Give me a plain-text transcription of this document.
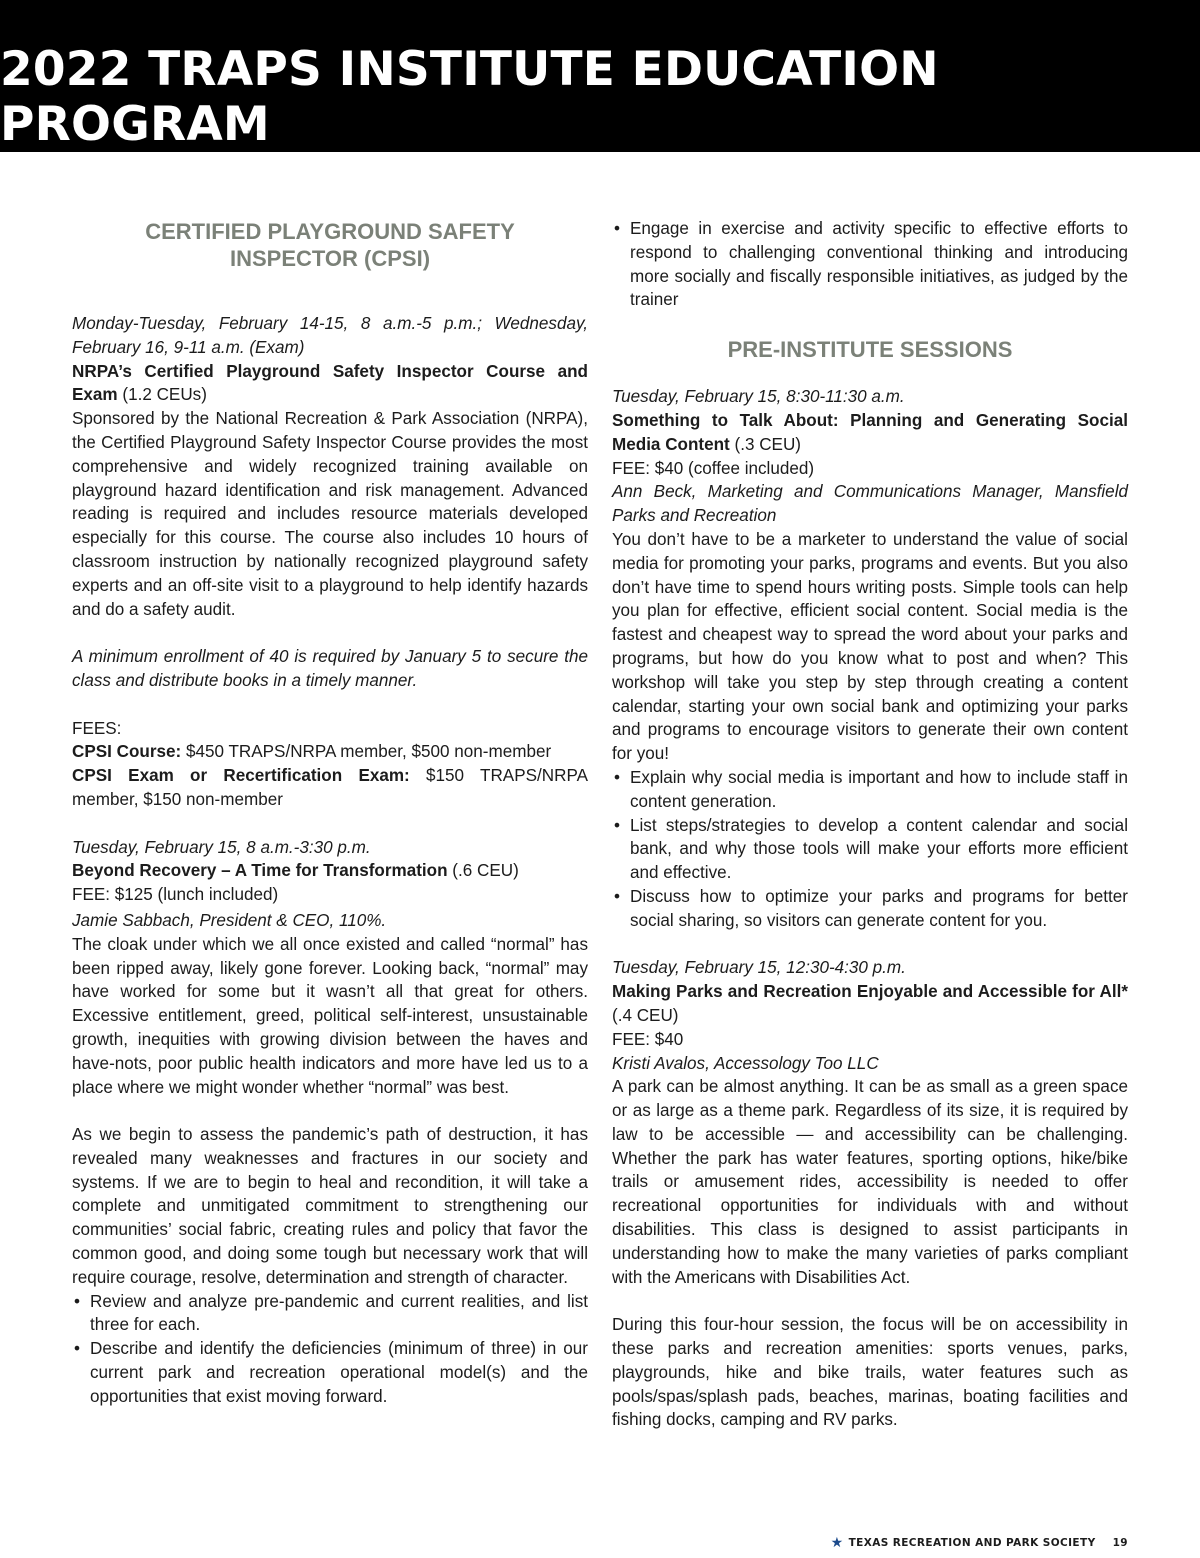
2022 TRAPS INSTITUTE EDUCATION PROGRAM
CERTIFIED PLAYGROUND SAFETY INSPECTOR (CPSI)

Monday-Tuesday, February 14-15, 8 a.m.-5 p.m.; Wednesday, February 16, 9-11 a.m. (Exam)

NRPA’s Certified Playground Safety Inspector Course and Exam (1.2 CEUs)

Sponsored by the National Recreation & Park Association (NRPA), the Certified Playground Safety Inspector Course provides the most comprehensive and widely recognized training available on playground hazard identification and risk management. Advanced reading is required and includes resource materials developed especially for this course. The course also includes 10 hours of classroom instruction by nationally recognized playground safety experts and an off-site visit to a playground to help identify hazards and do a safety audit.

A minimum enrollment of 40 is required by January 5 to secure the class and distribute books in a timely manner.

FEES:

CPSI Course: $450 TRAPS/NRPA member, $500 non-member

CPSI Exam or Recertification Exam: $150 TRAPS/NRPA member, $150 non-member

Tuesday, February 15, 8 a.m.-3:30 p.m.

Beyond Recovery – A Time for Transformation (.6 CEU)

FEE: $125 (lunch included)

Jamie Sabbach, President & CEO, 110%.

The cloak under which we all once existed and called “normal” has been ripped away, likely gone forever. Looking back, “normal” may have worked for some but it wasn’t all that great for others. Excessive entitlement, greed, political self-interest, unsustainable growth, inequities with growing division between the haves and have-nots, poor public health indicators and more have led us to a place where we might wonder whether “normal” was best.

As we begin to assess the pandemic’s path of destruction, it has revealed many weaknesses and fractures in our society and systems. If we are to begin to heal and recondition, it will take a complete and unmitigated commitment to strengthening our communities’ social fabric, creating rules and policy that favor the common good, and doing some tough but necessary work that will require courage, resolve, determination and strength of character.

• Review and analyze pre-pandemic and current realities, and list three for each.
• Describe and identify the deficiencies (minimum of three) in our current park and recreation operational model(s) and the opportunities that exist moving forward.
• Engage in exercise and activity specific to effective efforts to respond to challenging conventional thinking and introducing more socially and fiscally responsible initiatives, as judged by the trainer
PRE-INSTITUTE SESSIONS

Tuesday, February 15, 8:30-11:30 a.m.

Something to Talk About: Planning and Generating Social Media Content (.3 CEU)

FEE: $40 (coffee included)

Ann Beck, Marketing and Communications Manager, Mansfield Parks and Recreation

You don’t have to be a marketer to understand the value of social media for promoting your parks, programs and events. But you also don’t have time to spend hours writing posts. Simple tools can help you plan for effective, efficient social content. Social media is the fastest and cheapest way to spread the word about your parks and programs, but how do you know what to post and when? This workshop will take you step by step through creating a content calendar, starting your own social bank and optimizing your parks and programs to encourage visitors to generate their own content for you!

• Explain why social media is important and how to include staff in content generation.
• List steps/strategies to develop a content calendar and social bank, and why those tools will make your efforts more efficient and effective.
• Discuss how to optimize your parks and programs for better social sharing, so visitors can generate content for you.

Tuesday, February 15, 12:30-4:30 p.m.

Making Parks and Recreation Enjoyable and Accessible for All* (.4 CEU)

FEE: $40

Kristi Avalos, Accessology Too LLC

A park can be almost anything. It can be as small as a green space or as large as a theme park. Regardless of its size, it is required by law to be accessible — and accessibility can be challenging. Whether the park has water features, sporting options, hike/bike trails or amusement rides, accessibility is needed to offer recreational opportunities for individuals with and without disabilities. This class is designed to assist participants in understanding how to make the many varieties of parks compliant with the Americans with Disabilities Act.

During this four-hour session, the focus will be on accessibility in these parks and recreation amenities: sports venues, parks, playgrounds, hike and bike trails, water features such as pools/spas/splash pads, beaches, marinas, boating facilities and fishing docks, camping and RV parks.

★ TEXAS RECREATION AND PARK SOCIETY 19
